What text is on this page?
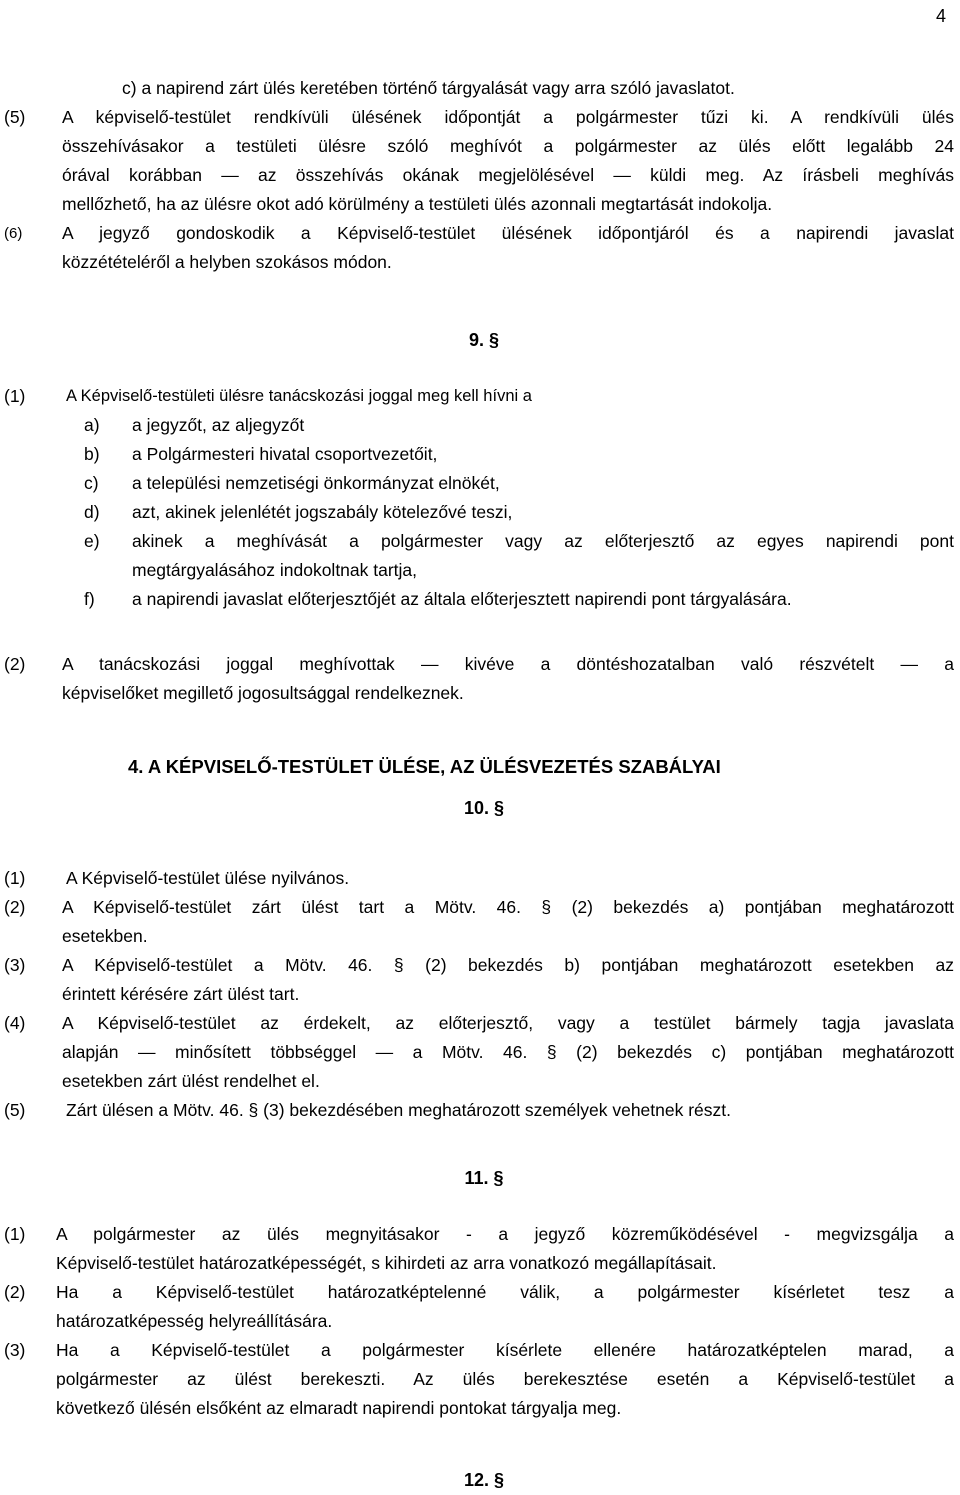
4
c) a napirend zárt ülés keretében történő tárgyalását vagy arra szóló javaslatot.
(5) A képviselő-testület rendkívüli ülésének időpontját a polgármester tűzi ki. A rendkívüli ülés
összehívásakor a testületi ülésre szóló meghívót a polgármester az ülés előtt legalább 24
órával korábban — az összehívás okának megjelölésével — küldi meg. Az írásbeli meghívás
mellőzhető, ha az ülésre okot adó körülmény a testületi ülés azonnali megtartását indokolja.
(6) A jegyző gondoskodik a Képviselő-testület ülésének időpontjáról és a napirendi javaslat
közzétételéről a helyben szokásos módon.
9. §
(1) A Képviselő-testületi ülésre tanácskozási joggal meg kell hívni a
a) a jegyzőt, az aljegyzőt
b) a Polgármesteri hivatal csoportvezetőit,
c) a települési nemzetiségi önkormányzat elnökét,
d) azt, akinek jelenlétét jogszabály kötelezővé teszi,
e) akinek a meghívását a polgármester vagy az előterjesztő az egyes napirendi pont
megtárgyalásához indokoltnak tartja,
f) a napirendi javaslat előterjesztőjét az általa előterjesztett napirendi pont tárgyalására.
(2) A tanácskozási joggal meghívottak — kivéve a döntéshozatalban való részvételt — a
képviselőket megillető jogosultsággal rendelkeznek.
4. A KÉPVISELŐ-TESTÜLET ÜLÉSE, AZ ÜLÉSVEZETÉS SZABÁLYAI
10. §
(1) A Képviselő-testület ülése nyilvános.
(2) A Képviselő-testület zárt ülést tart a Mötv. 46. § (2) bekezdés a) pontjában meghatározott
esetekben.
(3) A Képviselő-testület a Mötv. 46. § (2) bekezdés b) pontjában meghatározott esetekben az
érintett kérésére zárt ülést tart.
(4) A Képviselő-testület az érdekelt, az előterjesztő, vagy a testület bármely tagja javaslata
alapján — minősített többséggel — a Mötv. 46. § (2) bekezdés c) pontjában meghatározott
esetekben zárt ülést rendelhet el.
(5) Zárt ülésen a Mötv. 46. § (3) bekezdésében meghatározott személyek vehetnek részt.
11. §
(1) A polgármester az ülés megnyitásakor - a jegyző közreműködésével - megvizsgálja a
Képviselő-testület határozatképességét, s kihirdeti az arra vonatkozó megállapításait.
(2) Ha a Képviselő-testület határozatképtelenné válik, a polgármester kísérletet tesz a
határozatképesség helyreállítására.
(3) Ha a Képviselő-testület a polgármester kísérlete ellenére határozatképtelen marad, a
polgármester az ülést berekeszti. Az ülés berekesztése esetén a Képviselő-testület a
következő ülésén elsőként az elmaradt napirendi pontokat tárgyalja meg.
12. §
